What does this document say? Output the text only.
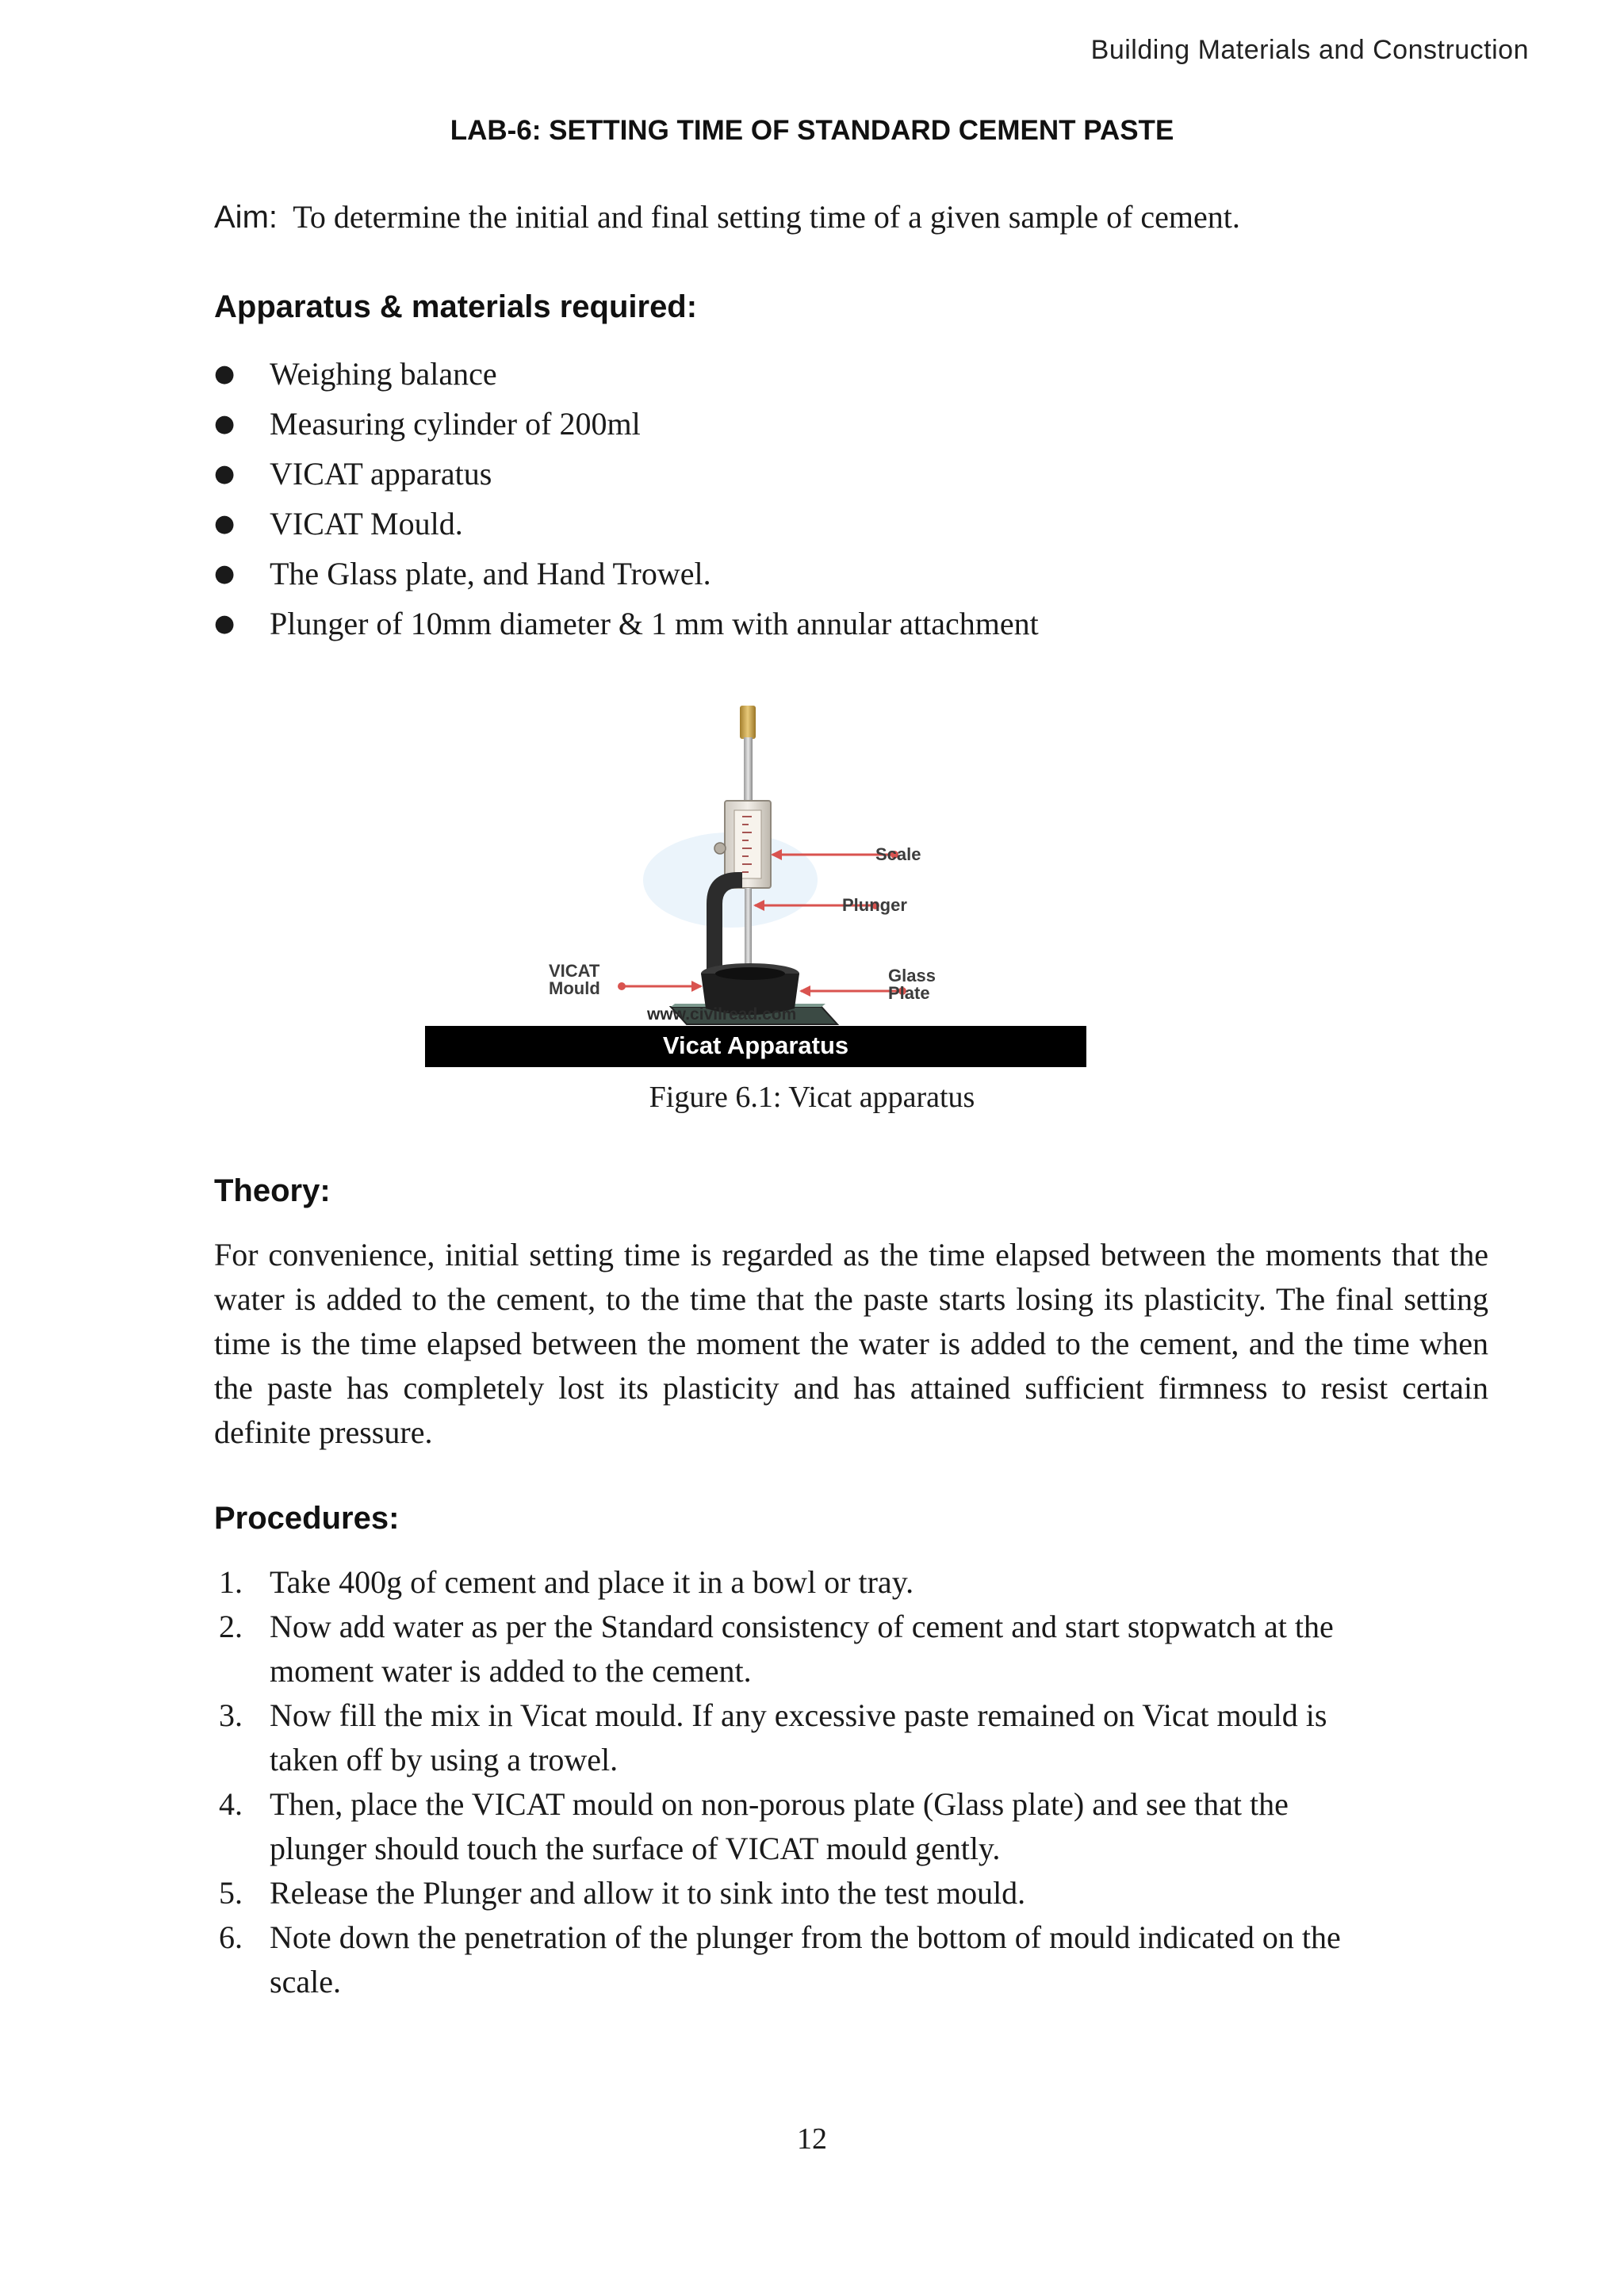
Building Materials and Construction
LAB-6: SETTING TIME OF STANDARD CEMENT PASTE
Aim: To determine the initial and final setting time of a given sample of cement.
Apparatus & materials required:
● Weighing balance
● Measuring cylinder of 200ml
● VICAT apparatus
● VICAT Mould.
● The Glass plate, and Hand Trowel.
● Plunger of 10mm diameter & 1 mm with annular attachment
Scale
Plunger
Glass
Plate
VICAT
Mould
www.civilread.com
Vicat Apparatus
Figure 6.1: Vicat apparatus
Theory:
For convenience, initial setting time is regarded as the time elapsed between the moments that the water is added to the cement, to the time that the paste starts losing its plasticity. The final setting time is the time elapsed between the moment the water is added to the cement, and the time when the paste has completely lost its plasticity and has attained sufficient firmness to resist certain definite pressure.
Procedures:
1. Take 400g of cement and place it in a bowl or tray.
2. Now add water as per the Standard consistency of cement and start stopwatch at the
moment water is added to the cement.
3. Now fill the mix in Vicat mould. If any excessive paste remained on Vicat mould is
taken off by using a trowel.
4. Then, place the VICAT mould on non-porous plate (Glass plate) and see that the
plunger should touch the surface of VICAT mould gently.
5. Release the Plunger and allow it to sink into the test mould.
6. Note down the penetration of the plunger from the bottom of mould indicated on the
scale.
12
